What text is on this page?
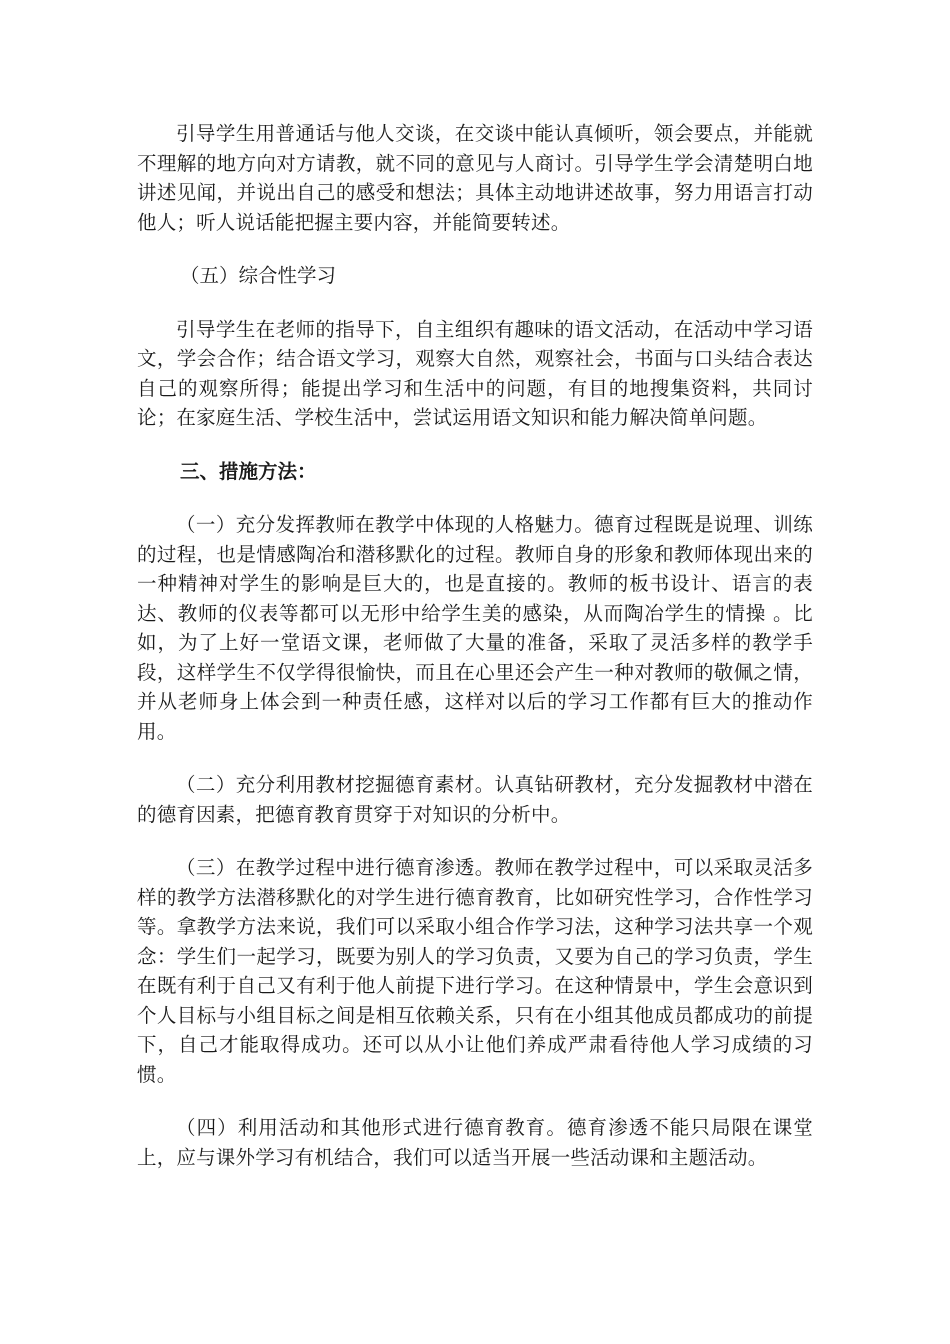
引导学生用普通话与他人交谈，在交谈中能认真倾听，领会要点，并能就不理解的地方向对方请教，就不同的意见与人商讨。引导学生学会清楚明白地讲述见闻，并说出自己的感受和想法；具体主动地讲述故事，努力用语言打动他人；听人说话能把握主要内容，并能简要转述。

（五）综合性学习

引导学生在老师的指导下，自主组织有趣味的语文活动，在活动中学习语文，学会合作；结合语文学习，观察大自然，观察社会，书面与口头结合表达自己的观察所得；能提出学习和生活中的问题，有目的地搜集资料，共同讨论；在家庭生活、学校生活中，尝试运用语文知识和能力解决简单问题。

三、措施方法：

（一）充分发挥教师在教学中体现的人格魅力。德育过程既是说理、训练的过程，也是情感陶冶和潜移默化的过程。教师自身的形象和教师体现出来的一种精神对学生的影响是巨大的，也是直接的。教师的板书设计、语言的表达、教师的仪表等都可以无形中给学生美的感染，从而陶冶学生的情操 。比如，为了上好一堂语文课，老师做了大量的准备，采取了灵活多样的教学手段，这样学生不仅学得很愉快，而且在心里还会产生一种对教师的敬佩之情，并从老师身上体会到一种责任感，这样对以后的学习工作都有巨大的推动作用。

（二）充分利用教材挖掘德育素材。认真钻研教材，充分发掘教材中潜在的德育因素，把德育教育贯穿于对知识的分析中。

（三）在教学过程中进行德育渗透。教师在教学过程中，可以采取灵活多样的教学方法潜移默化的对学生进行德育教育，比如研究性学习，合作性学习等。拿教学方法来说，我们可以采取小组合作学习法，这种学习法共享一个观念：学生们一起学习，既要为别人的学习负责，又要为自己的学习负责，学生在既有利于自己又有利于他人前提下进行学习。在这种情景中，学生会意识到个人目标与小组目标之间是相互依赖关系，只有在小组其他成员都成功的前提下，自己才能取得成功。还可以从小让他们养成严肃看待他人学习成绩的习惯。

（四）利用活动和其他形式进行德育教育。德育渗透不能只局限在课堂上，应与课外学习有机结合，我们可以适当开展一些活动课和主题活动。
